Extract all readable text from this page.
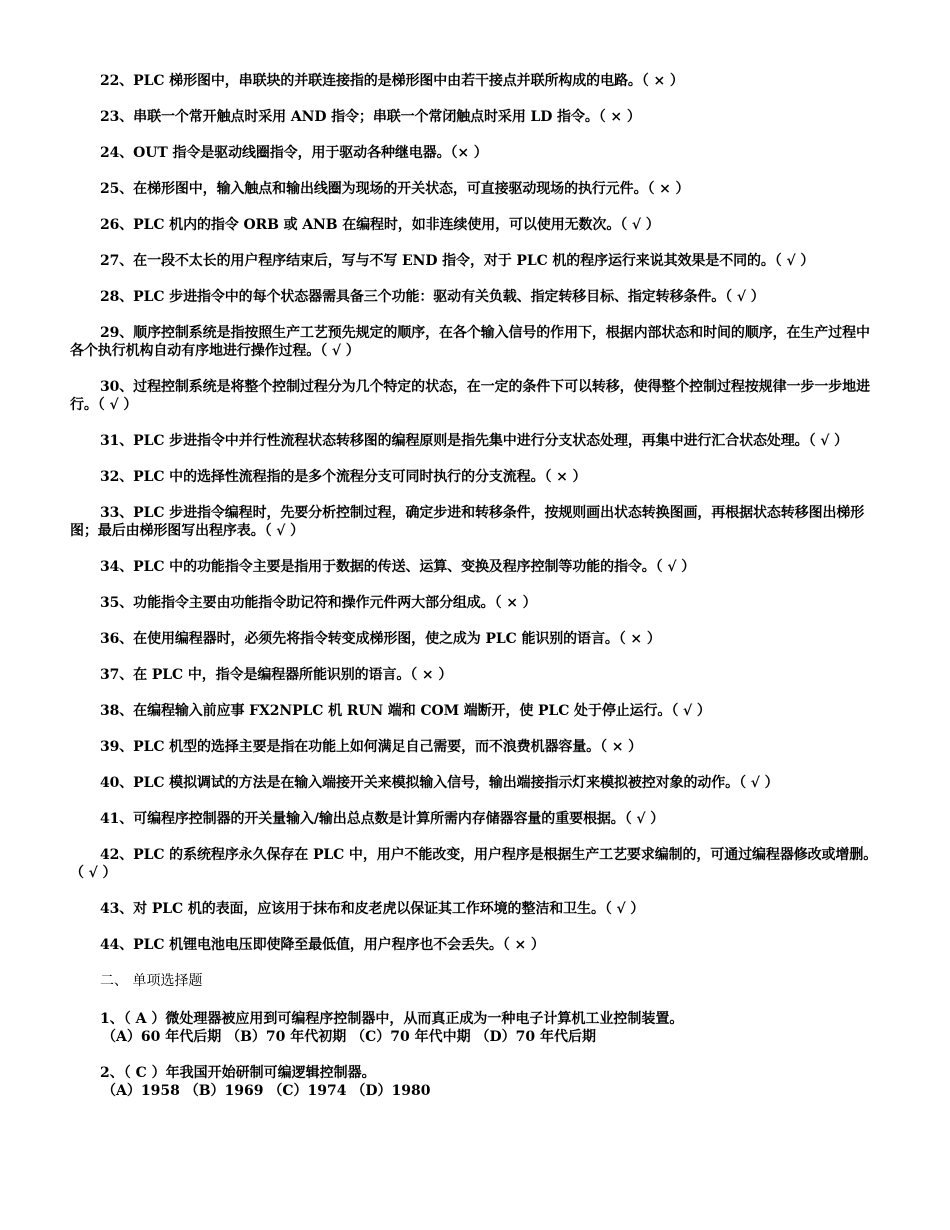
22、PLC 梯形图中，串联块的并联连接指的是梯形图中由若干接点并联所构成的电路。（ × ）

23、串联一个常开触点时采用 AND 指令；串联一个常闭触点时采用 LD 指令。（ × ）

24、OUT 指令是驱动线圈指令，用于驱动各种继电器。（× ）

25、在梯形图中，输入触点和输出线圈为现场的开关状态，可直接驱动现场的执行元件。（ × ）

26、PLC 机内的指令 ORB 或 ANB 在编程时，如非连续使用，可以使用无数次。（ √ ）

27、在一段不太长的用户程序结束后，写与不写 END 指令，对于 PLC 机的程序运行来说其效果是不同的。（ √ ）

28、PLC 步进指令中的每个状态器需具备三个功能：驱动有关负载、指定转移目标、指定转移条件。（ √ ）

29、顺序控制系统是指按照生产工艺预先规定的顺序，在各个输入信号的作用下，根据内部状态和时间的顺序，在生产过程中各个执行机构自动有序地进行操作过程。（ √ ）

30、过程控制系统是将整个控制过程分为几个特定的状态，在一定的条件下可以转移，使得整个控制过程按规律一步一步地进行。（ √ ）

31、PLC 步进指令中并行性流程状态转移图的编程原则是指先集中进行分支状态处理，再集中进行汇合状态处理。（ √ ）

32、PLC 中的选择性流程指的是多个流程分支可同时执行的分支流程。（ × ）

33、PLC 步进指令编程时，先要分析控制过程，确定步进和转移条件，按规则画出状态转换图画，再根据状态转移图出梯形图；最后由梯形图写出程序表。（ √ ）

34、PLC 中的功能指令主要是指用于数据的传送、运算、变换及程序控制等功能的指令。（ √ ）

35、功能指令主要由功能指令助记符和操作元件两大部分组成。（ × ）

36、在使用编程器时，必须先将指令转变成梯形图，使之成为 PLC 能识别的语言。（ × ）

37、在 PLC 中，指令是编程器所能识别的语言。（ × ）

38、在编程输入前应事 FX2NPLC 机 RUN 端和 COM 端断开，使 PLC 处于停止运行。（ √ ）

39、PLC 机型的选择主要是指在功能上如何满足自己需要，而不浪费机器容量。（ × ）

40、PLC 模拟调试的方法是在输入端接开关来模拟输入信号，输出端接指示灯来模拟被控对象的动作。（ √ ）

41、可编程序控制器的开关量输入/输出总点数是计算所需内存储器容量的重要根据。（ √ ）

42、PLC 的系统程序永久保存在 PLC 中，用户不能改变，用户程序是根据生产工艺要求编制的，可通过编程器修改或增删。（ √ ）

43、对 PLC 机的表面，应该用于抹布和皮老虎以保证其工作环境的整洁和卫生。（ √ ）

44、PLC 机锂电池电压即使降至最低值，用户程序也不会丢失。（ × ）

二、 单项选择题

1、（ A ）微处理器被应用到可编程序控制器中，从而真正成为一种电子计算机工业控制装置。

（A）60 年代后期 （B）70 年代初期 （C）70 年代中期 （D）70 年代后期

2、（ C ）年我国开始研制可编逻辑控制器。

（A）1958 （B）1969 （C）1974 （D）1980
